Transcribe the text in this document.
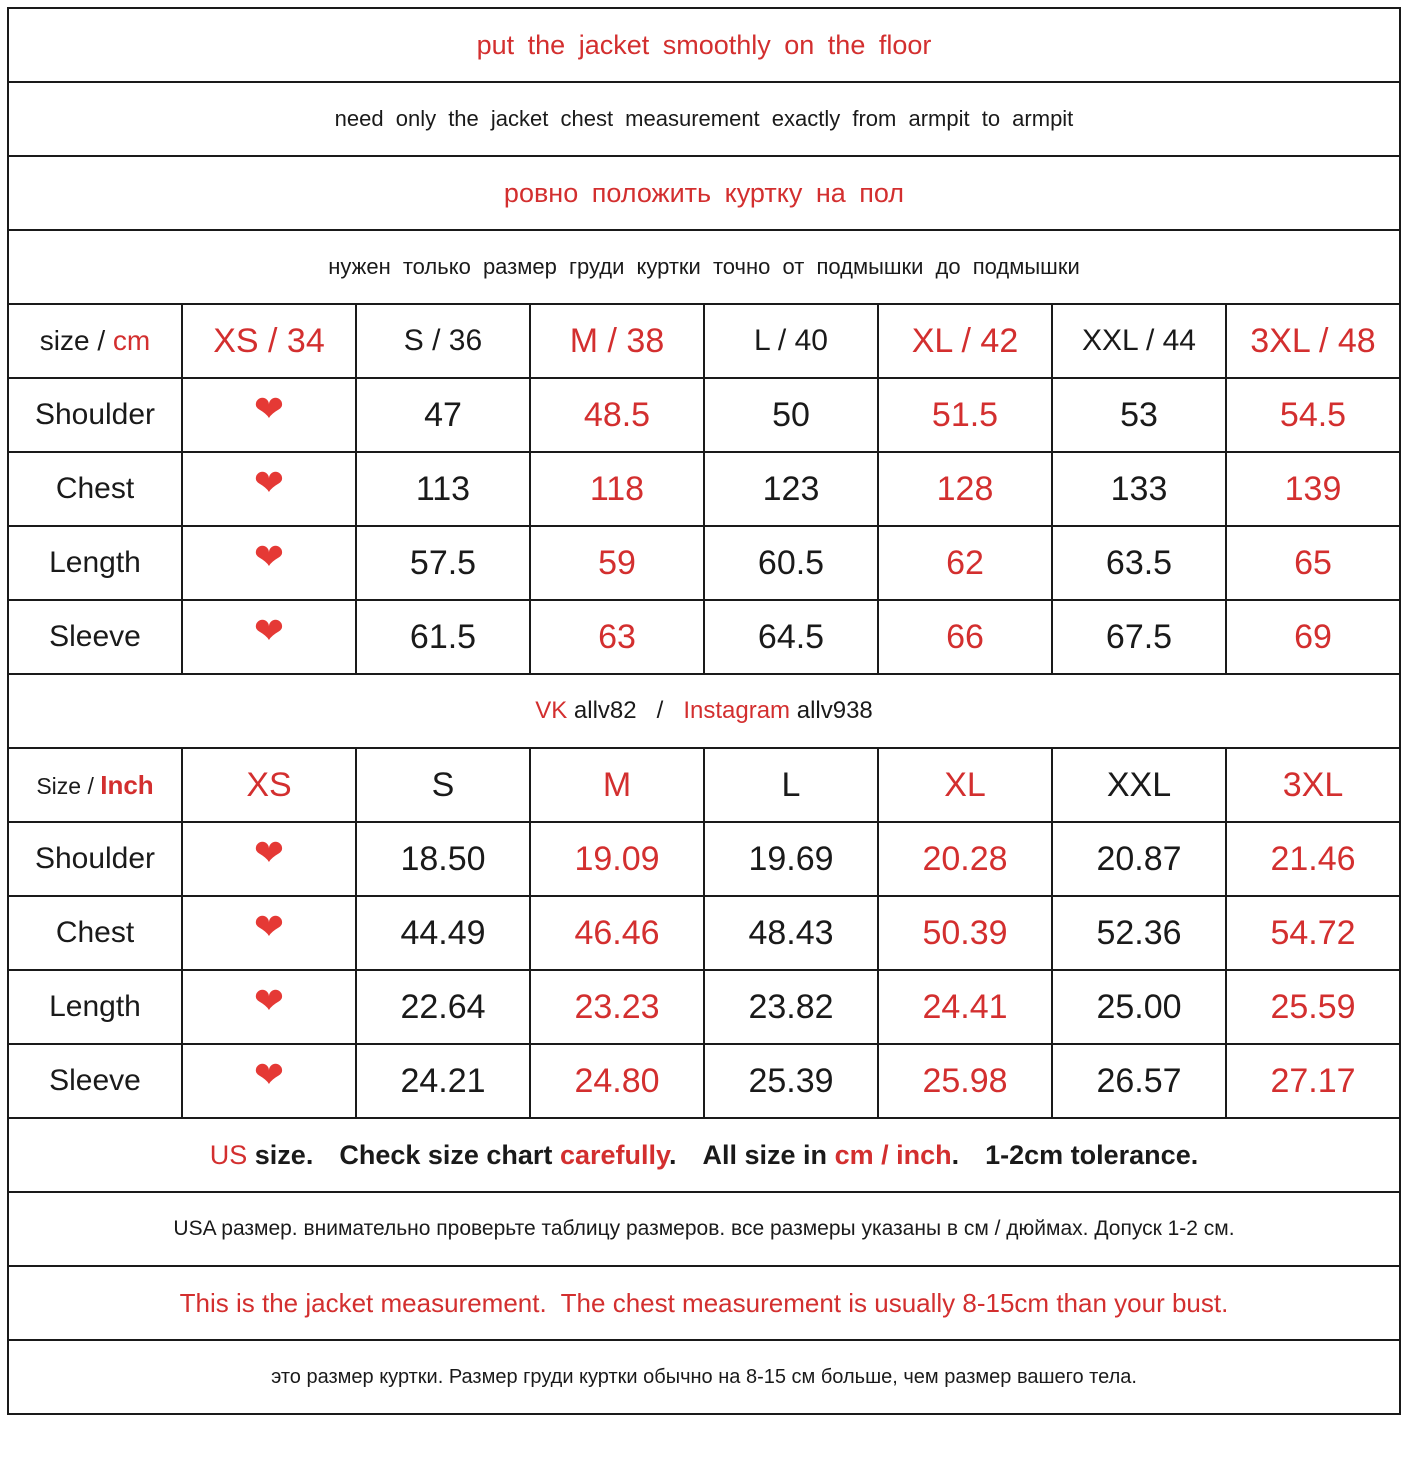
put the jacket smoothly on the floor							
need only the jacket chest measurement exactly from armpit to armpit							
ровно положить куртку на пол							
нужен только размер груди куртки точно от подмышки до подмышки							
size / cm	XS / 34	S / 36	M / 38	L / 40	XL / 42	XXL / 44	3XL / 48
Shoulder	❤	47	48.5	50	51.5	53	54.5
Chest	❤	113	118	123	128	133	139
Length	❤	57.5	59	60.5	62	63.5	65
Sleeve	❤	61.5	63	64.5	66	67.5	69
VK allv82 / Instagram allv938							
Size / Inch	XS	S	M	L	XL	XXL	3XL
Shoulder	❤	18.50	19.09	19.69	20.28	20.87	21.46
Chest	❤	44.49	46.46	48.43	50.39	52.36	54.72
Length	❤	22.64	23.23	23.82	24.41	25.00	25.59
Sleeve	❤	24.21	24.80	25.39	25.98	26.57	27.17
US size. Check size chart carefully. All size in cm / inch. 1-2cm tolerance.							
USA размер. внимательно проверьте таблицу размеров. все размеры указаны в см / дюймах. Допуск 1-2 см.							
This is the jacket measurement.  The chest measurement is usually 8-15cm than your bust.							
это размер куртки. Размер груди куртки обычно на 8-15 см больше, чем размер вашего тела.							
